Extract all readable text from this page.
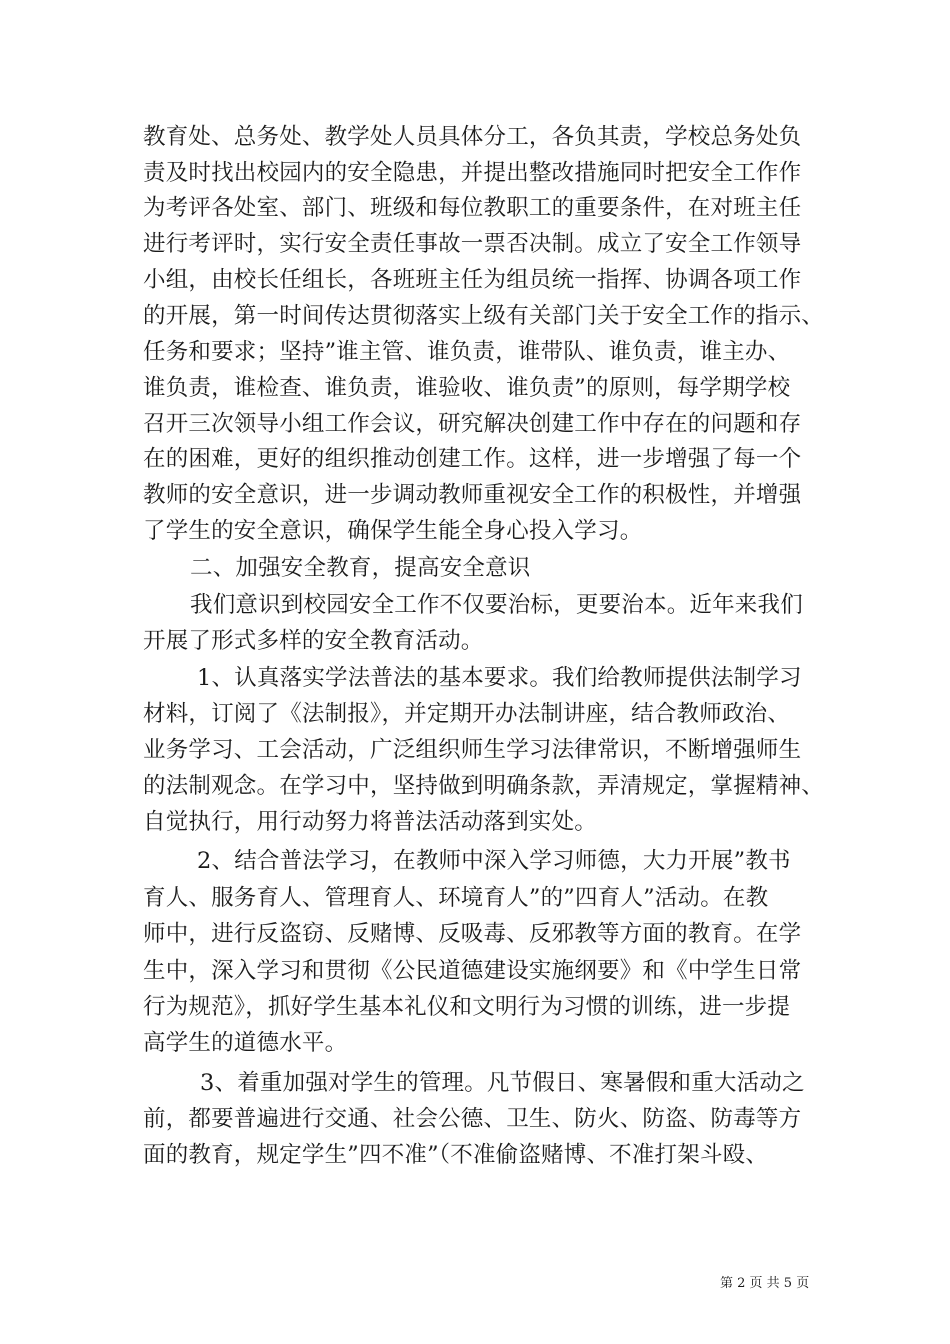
教育处、总务处、教学处人员具体分工，各负其责，学校总务处负
责及时找出校园内的安全隐患，并提出整改措施同时把安全工作作
为考评各处室、部门、班级和每位教职工的重要条件，在对班主任
进行考评时，实行安全责任事故一票否决制。成立了安全工作领导
小组，由校长任组长，各班班主任为组员统一指挥、协调各项工作
的开展，第一时间传达贯彻落实上级有关部门关于安全工作的指示、
任务和要求；坚持”谁主管、谁负责，谁带队、谁负责，谁主办、
谁负责，谁检查、谁负责，谁验收、谁负责”的原则，每学期学校
召开三次领导小组工作会议，研究解决创建工作中存在的问题和存
在的困难，更好的组织推动创建工作。这样，进一步增强了每一个
教师的安全意识，进一步调动教师重视安全工作的积极性，并增强
了学生的安全意识，确保学生能全身心投入学习。
二、加强安全教育，提高安全意识
我们意识到校园安全工作不仅要治标，更要治本。近年来我们
开展了形式多样的安全教育活动。
1、认真落实学法普法的基本要求。我们给教师提供法制学习
材料，订阅了《法制报》，并定期开办法制讲座，结合教师政治、
业务学习、工会活动，广泛组织师生学习法律常识，不断增强师生
的法制观念。在学习中，坚持做到明确条款，弄清规定，掌握精神、
自觉执行，用行动努力将普法活动落到实处。
2、结合普法学习，在教师中深入学习师德，大力开展”教书
育人、服务育人、管理育人、环境育人”的”四育人”活动。在教
师中，进行反盗窃、反赌博、反吸毒、反邪教等方面的教育。在学
生中，深入学习和贯彻《公民道德建设实施纲要》和《中学生日常
行为规范》，抓好学生基本礼仪和文明行为习惯的训练，进一步提
高学生的道德水平。
3、着重加强对学生的管理。凡节假日、寒暑假和重大活动之
前，都要普遍进行交通、社会公德、卫生、防火、防盗、防毒等方
面的教育，规定学生”四不准”（不准偷盗赌博、不准打架斗殴、
第 2 页 共 5 页
